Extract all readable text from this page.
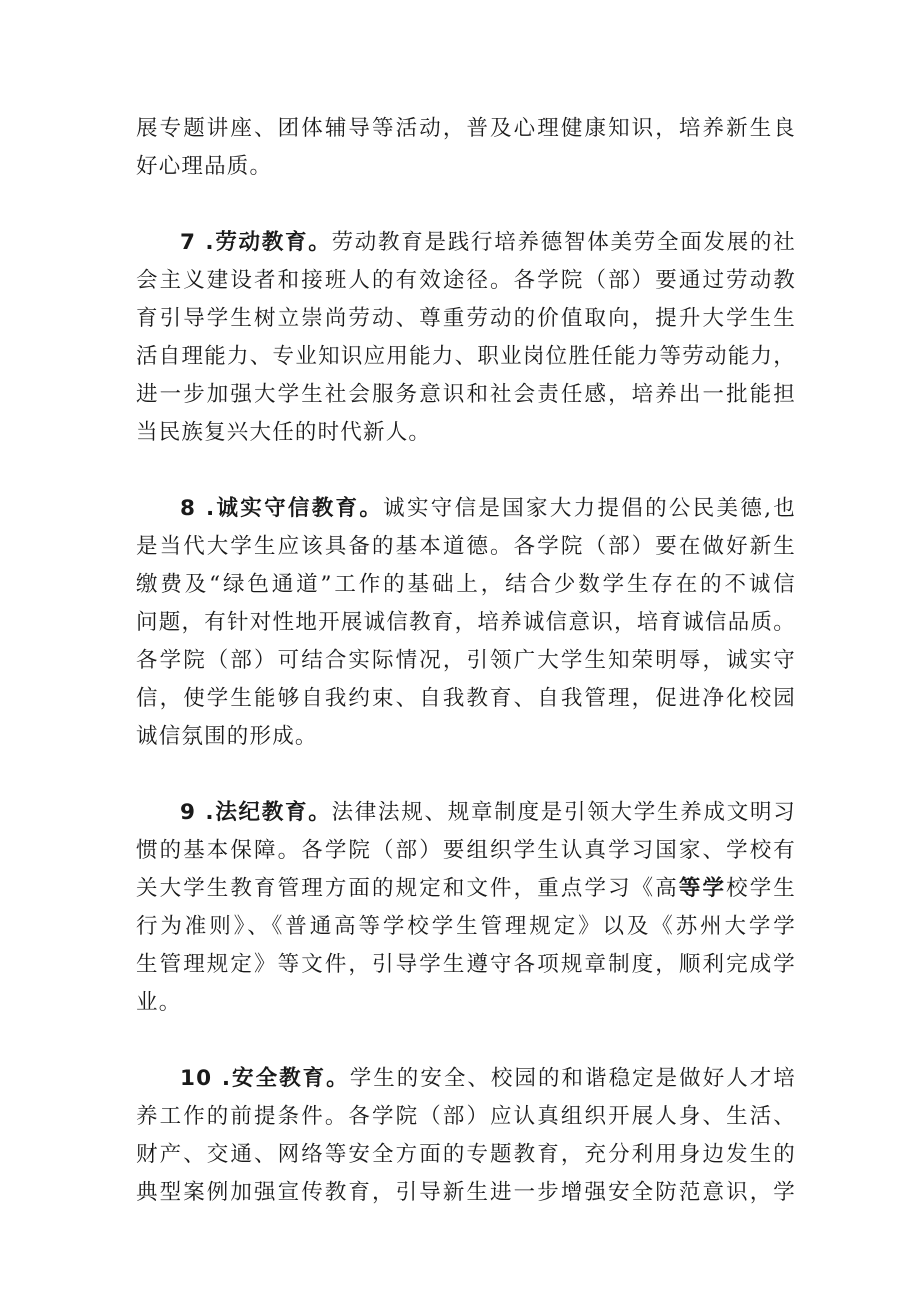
展专题讲座、团体辅导等活动，普及心理健康知识，培养新生良
好心理品质。
7 .劳动教育。劳动教育是践行培养德智体美劳全面发展的社
会主义建设者和接班人的有效途径。各学院（部）要通过劳动教
育引导学生树立崇尚劳动、尊重劳动的价值取向，提升大学生生
活自理能力、专业知识应用能力、职业岗位胜任能力等劳动能力，
进一步加强大学生社会服务意识和社会责任感，培养出一批能担
当民族复兴大任的时代新人。
8 .诚实守信教育。诚实守信是国家大力提倡的公民美德,也
是当代大学生应该具备的基本道德。各学院（部）要在做好新生
缴费及“绿色通道”工作的基础上，结合少数学生存在的不诚信
问题，有针对性地开展诚信教育，培养诚信意识，培育诚信品质。
各学院（部）可结合实际情况，引领广大学生知荣明辱，诚实守
信，使学生能够自我约束、自我教育、自我管理，促进净化校园
诚信氛围的形成。
9 .法纪教育。法律法规、规章制度是引领大学生养成文明习
惯的基本保障。各学院（部）要组织学生认真学习国家、学校有
关大学生教育管理方面的规定和文件，重点学习《高等学校学生
行为准则》、《普通高等学校学生管理规定》以及《苏州大学学
生管理规定》等文件，引导学生遵守各项规章制度，顺利完成学
业。
10 .安全教育。学生的安全、校园的和谐稳定是做好人才培
养工作的前提条件。各学院（部）应认真组织开展人身、生活、
财产、交通、网络等安全方面的专题教育，充分利用身边发生的
典型案例加强宣传教育，引导新生进一步增强安全防范意识，学
